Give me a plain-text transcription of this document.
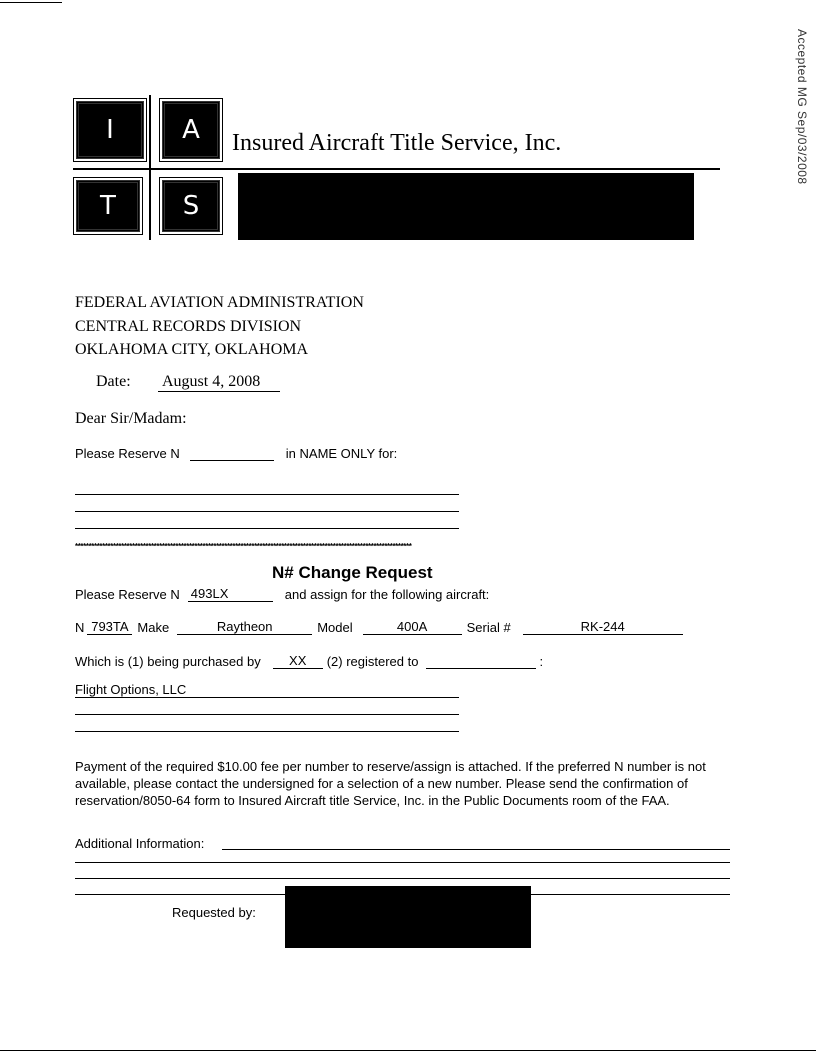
Accepted MG Sep/03/2008
I	A
T	S
Insured Aircraft Title Service, Inc.
FEDERAL AVIATION ADMINISTRATION
CENTRAL RECORDS DIVISION
OKLAHOMA CITY, OKLAHOMA
Date: August 4, 2008
Dear Sir/Madam:
Please Reserve N	in NAME ONLY for:
****************************************************************************************************************************
N# Change Request
Please Reserve N 493LX	and assign for the following aircraft:
N 793TA Make	Raytheon	Model	400A	Serial #	RK-244
Which is (1) being purchased by	XX	(2) registered to	:
Flight Options, LLC
Payment of the required $10.00 fee per number to reserve/assign is attached. If the preferred N number is not available, please contact the undersigned for a selection of a new number. Please send the confirmation of reservation/8050-64 form to Insured Aircraft title Service, Inc. in the Public Documents room of the FAA.
Additional Information:
Requested by:
